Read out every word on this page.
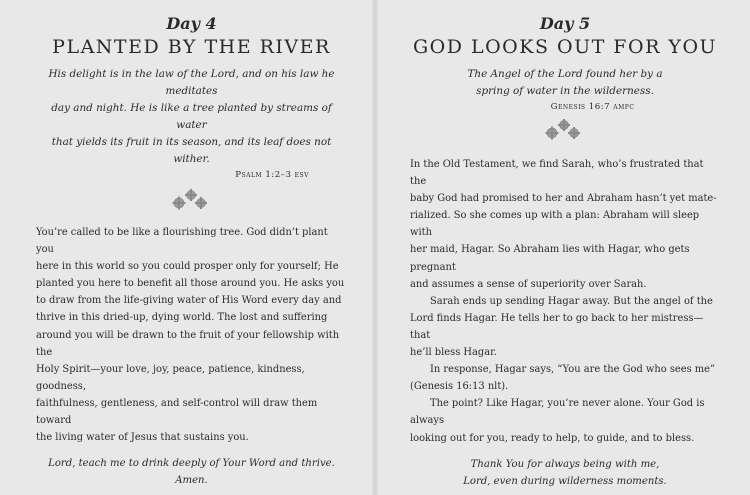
Day 4
PLANTED BY THE RIVER

His delight is in the law of the Lord, and on his law he meditates

day and night. He is like a tree planted by streams of water

that yields its fruit in its season, and its leaf does not wither.

Psalm 1:2–3 esv

You’re called to be like a flourishing tree. God didn’t plant you

here in this world so you could prosper only for yourself; He

planted you here to benefit all those around you. He asks you

to draw from the life-giving water of His Word every day and

thrive in this dried-up, dying world. The lost and suffering

around you will be drawn to the fruit of your fellowship with the

Holy Spirit—your love, joy, peace, patience, kindness, goodness,

faithfulness, gentleness, and self-control will draw them toward

the living water of Jesus that sustains you.

Lord, teach me to drink deeply of Your Word and thrive. Amen.

Day 5
GOD LOOKS OUT FOR YOU

The Angel of the Lord found her by a

spring of water in the wilderness.

Genesis 16:7 ampc

In the Old Testament, we find Sarah, who’s frustrated that the

baby God had promised to her and Abraham hasn’t yet mate-

rialized. So she comes up with a plan: Abraham will sleep with

her maid, Hagar. So Abraham lies with Hagar, who gets pregnant

and assumes a sense of superiority over Sarah.

Sarah ends up sending Hagar away. But the angel of the

Lord finds Hagar. He tells her to go back to her mistress—that

he’ll bless Hagar.

In response, Hagar says, “You are the God who sees me”

(Genesis 16:13 nlt).

The point? Like Hagar, you’re never alone. Your God is always

looking out for you, ready to help, to guide, and to bless.

Thank You for always being with me,

Lord, even during wilderness moments.
